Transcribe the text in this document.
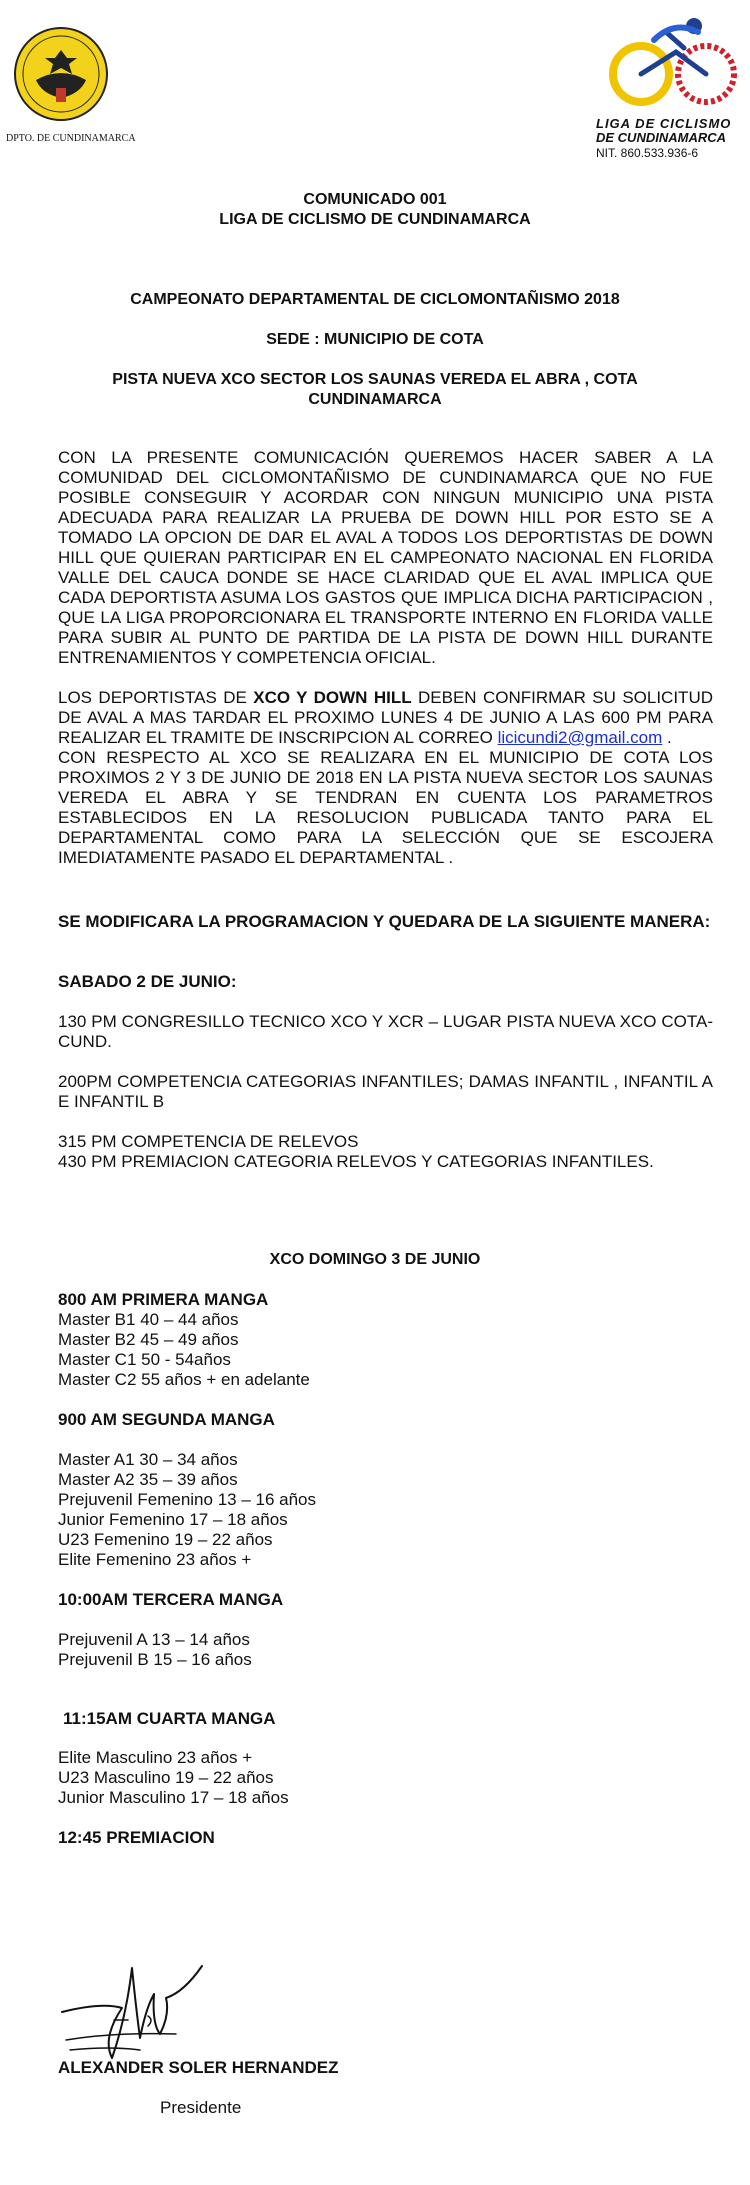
DPTO. DE CUNDINAMARCA
LIGA DE CICLISMO
DE CUNDINAMARCA
NIT. 860.533.936-6
COMUNICADO 001
LIGA DE CICLISMO DE CUNDINAMARCA
CAMPEONATO DEPARTAMENTAL DE CICLOMONTAÑISMO 2018
SEDE : MUNICIPIO DE COTA
PISTA NUEVA XCO SECTOR LOS SAUNAS VEREDA EL ABRA , COTA
CUNDINAMARCA
CON LA PRESENTE COMUNICACIÓN QUEREMOS HACER SABER A LA COMUNIDAD DEL CICLOMONTAÑISMO DE CUNDINAMARCA QUE NO FUE POSIBLE CONSEGUIR Y ACORDAR CON NINGUN MUNICIPIO UNA PISTA ADECUADA PARA REALIZAR LA PRUEBA DE DOWN HILL POR ESTO SE A TOMADO LA OPCION DE DAR EL AVAL A TODOS LOS DEPORTISTAS DE DOWN HILL QUE QUIERAN PARTICIPAR EN EL CAMPEONATO NACIONAL EN FLORIDA VALLE DEL CAUCA DONDE SE HACE CLARIDAD QUE EL AVAL IMPLICA QUE CADA DEPORTISTA ASUMA LOS GASTOS QUE IMPLICA DICHA PARTICIPACION , QUE LA LIGA PROPORCIONARA EL TRANSPORTE INTERNO EN FLORIDA VALLE PARA SUBIR AL PUNTO DE PARTIDA DE LA PISTA DE DOWN HILL DURANTE ENTRENAMIENTOS Y COMPETENCIA OFICIAL.
LOS DEPORTISTAS DE XCO Y DOWN HILL DEBEN CONFIRMAR SU SOLICITUD DE AVAL A MAS TARDAR EL PROXIMO LUNES 4 DE JUNIO A LAS 600 PM PARA REALIZAR EL TRAMITE DE INSCRIPCION AL CORREO licicundi2@gmail.com .
CON RESPECTO AL XCO SE REALIZARA EN EL MUNICIPIO DE COTA LOS PROXIMOS 2 Y 3 DE JUNIO DE 2018 EN LA PISTA NUEVA SECTOR LOS SAUNAS VEREDA EL ABRA Y SE TENDRAN EN CUENTA LOS PARAMETROS ESTABLECIDOS EN LA RESOLUCION PUBLICADA TANTO PARA EL DEPARTAMENTAL COMO PARA LA SELECCIÓN QUE SE ESCOJERA IMEDIATAMENTE PASADO EL DEPARTAMENTAL .
SE MODIFICARA LA PROGRAMACION Y QUEDARA DE LA SIGUIENTE MANERA:
SABADO 2 DE JUNIO:
130 PM CONGRESILLO TECNICO XCO Y XCR – LUGAR PISTA NUEVA XCO COTA-CUND.
200PM COMPETENCIA CATEGORIAS INFANTILES; DAMAS INFANTIL , INFANTIL A E INFANTIL B
315 PM COMPETENCIA DE RELEVOS
430 PM PREMIACION CATEGORIA RELEVOS Y CATEGORIAS INFANTILES.
XCO DOMINGO 3 DE JUNIO
800 AM PRIMERA MANGA
Master B1 40 – 44 años
Master B2 45 – 49 años
Master C1 50 - 54años
Master C2 55 años + en adelante
900 AM SEGUNDA MANGA
Master A1 30 – 34 años
Master A2 35 – 39 años
Prejuvenil Femenino 13 – 16 años
Junior Femenino 17 – 18 años
U23 Femenino 19 – 22 años
Elite Femenino 23 años +
10:00AM TERCERA MANGA
Prejuvenil A 13 – 14 años
Prejuvenil B 15 – 16 años
11:15AM CUARTA MANGA
Elite Masculino 23 años +
U23 Masculino 19 – 22 años
Junior Masculino 17 – 18 años
12:45 PREMIACION
ALEXANDER SOLER HERNANDEZ
Presidente
